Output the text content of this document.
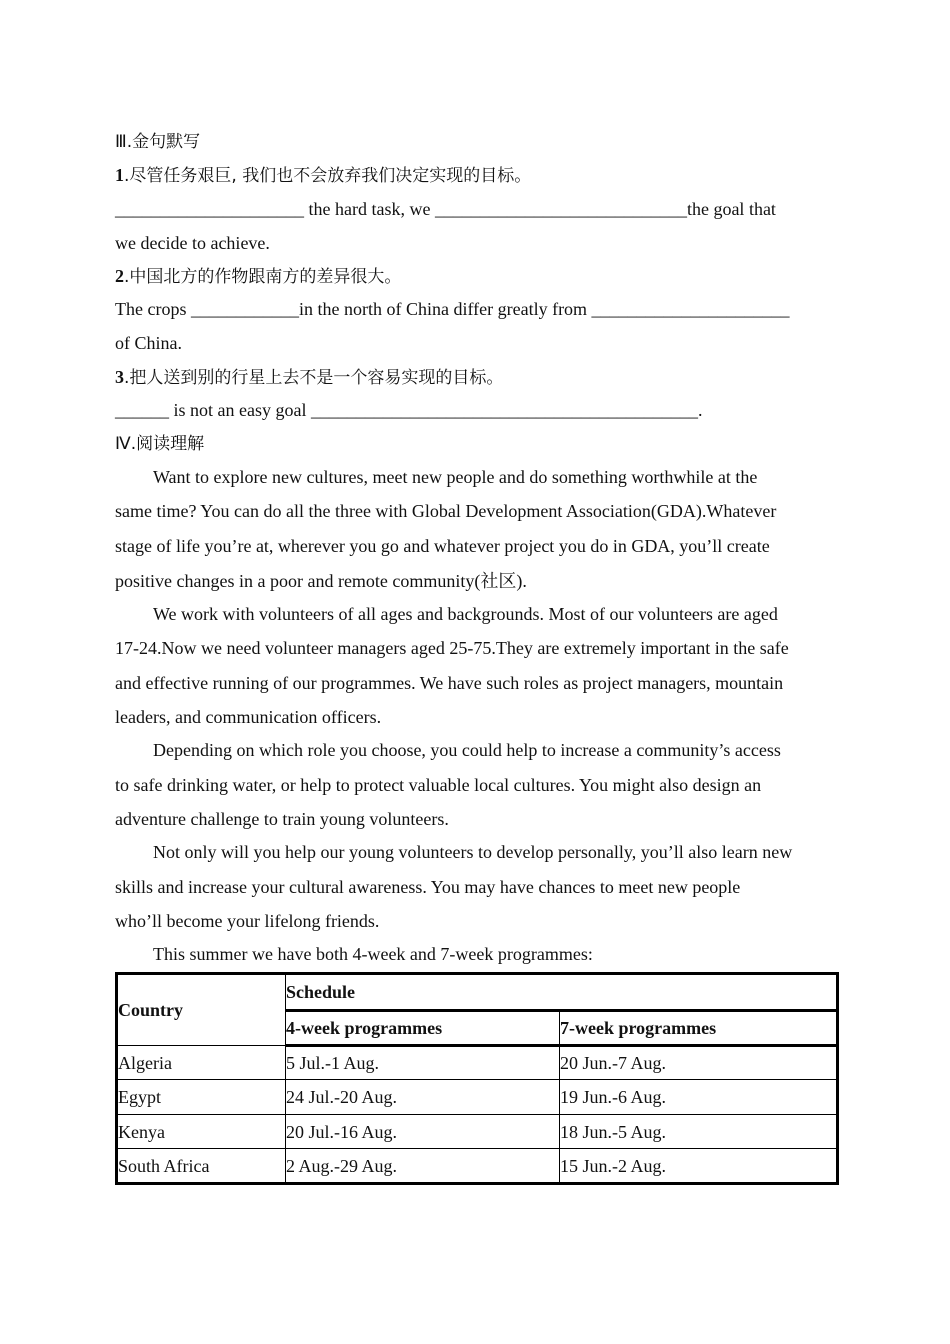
Ⅲ.金句默写
1.尽管任务艰巨, 我们也不会放弃我们决定实现的目标。
_____________________ the hard task, we ____________________________the goal that
we decide to achieve.
2.中国北方的作物跟南方的差异很大。
The crops ____________in the north of China differ greatly from ______________________
of China.
3.把人送到别的行星上去不是一个容易实现的目标。
______ is not an easy goal ___________________________________________.
Ⅳ.阅读理解
Want to explore new cultures, meet new people and do something worthwhile at the
same time? You can do all the three with Global Development Association(GDA).Whatever
stage of life you’re at, wherever you go and whatever project you do in GDA, you’ll create
positive changes in a poor and remote community(社区).
We work with volunteers of all ages and backgrounds. Most of our volunteers are aged
17-24.Now we need volunteer managers aged 25-75.They are extremely important in the safe
and effective running of our programmes. We have such roles as project managers, mountain
leaders, and communication officers.
Depending on which role you choose, you could help to increase a community’s access
to safe drinking water, or help to protect valuable local cultures. You might also design an
adventure challenge to train young volunteers.
Not only will you help our young volunteers to develop personally, you’ll also learn new
skills and increase your cultural awareness. You may have chances to meet new people
who’ll become your lifelong friends.
This summer we have both 4-week and 7-week programmes:
Country	Schedule	
	4-week programmes	7-week programmes
Algeria	5 Jul.-1 Aug.	20 Jun.-7 Aug.
Egypt	24 Jul.-20 Aug.	19 Jun.-6 Aug.
Kenya	20 Jul.-16 Aug.	18 Jun.-5 Aug.
South Africa	2 Aug.-29 Aug.	15 Jun.-2 Aug.
